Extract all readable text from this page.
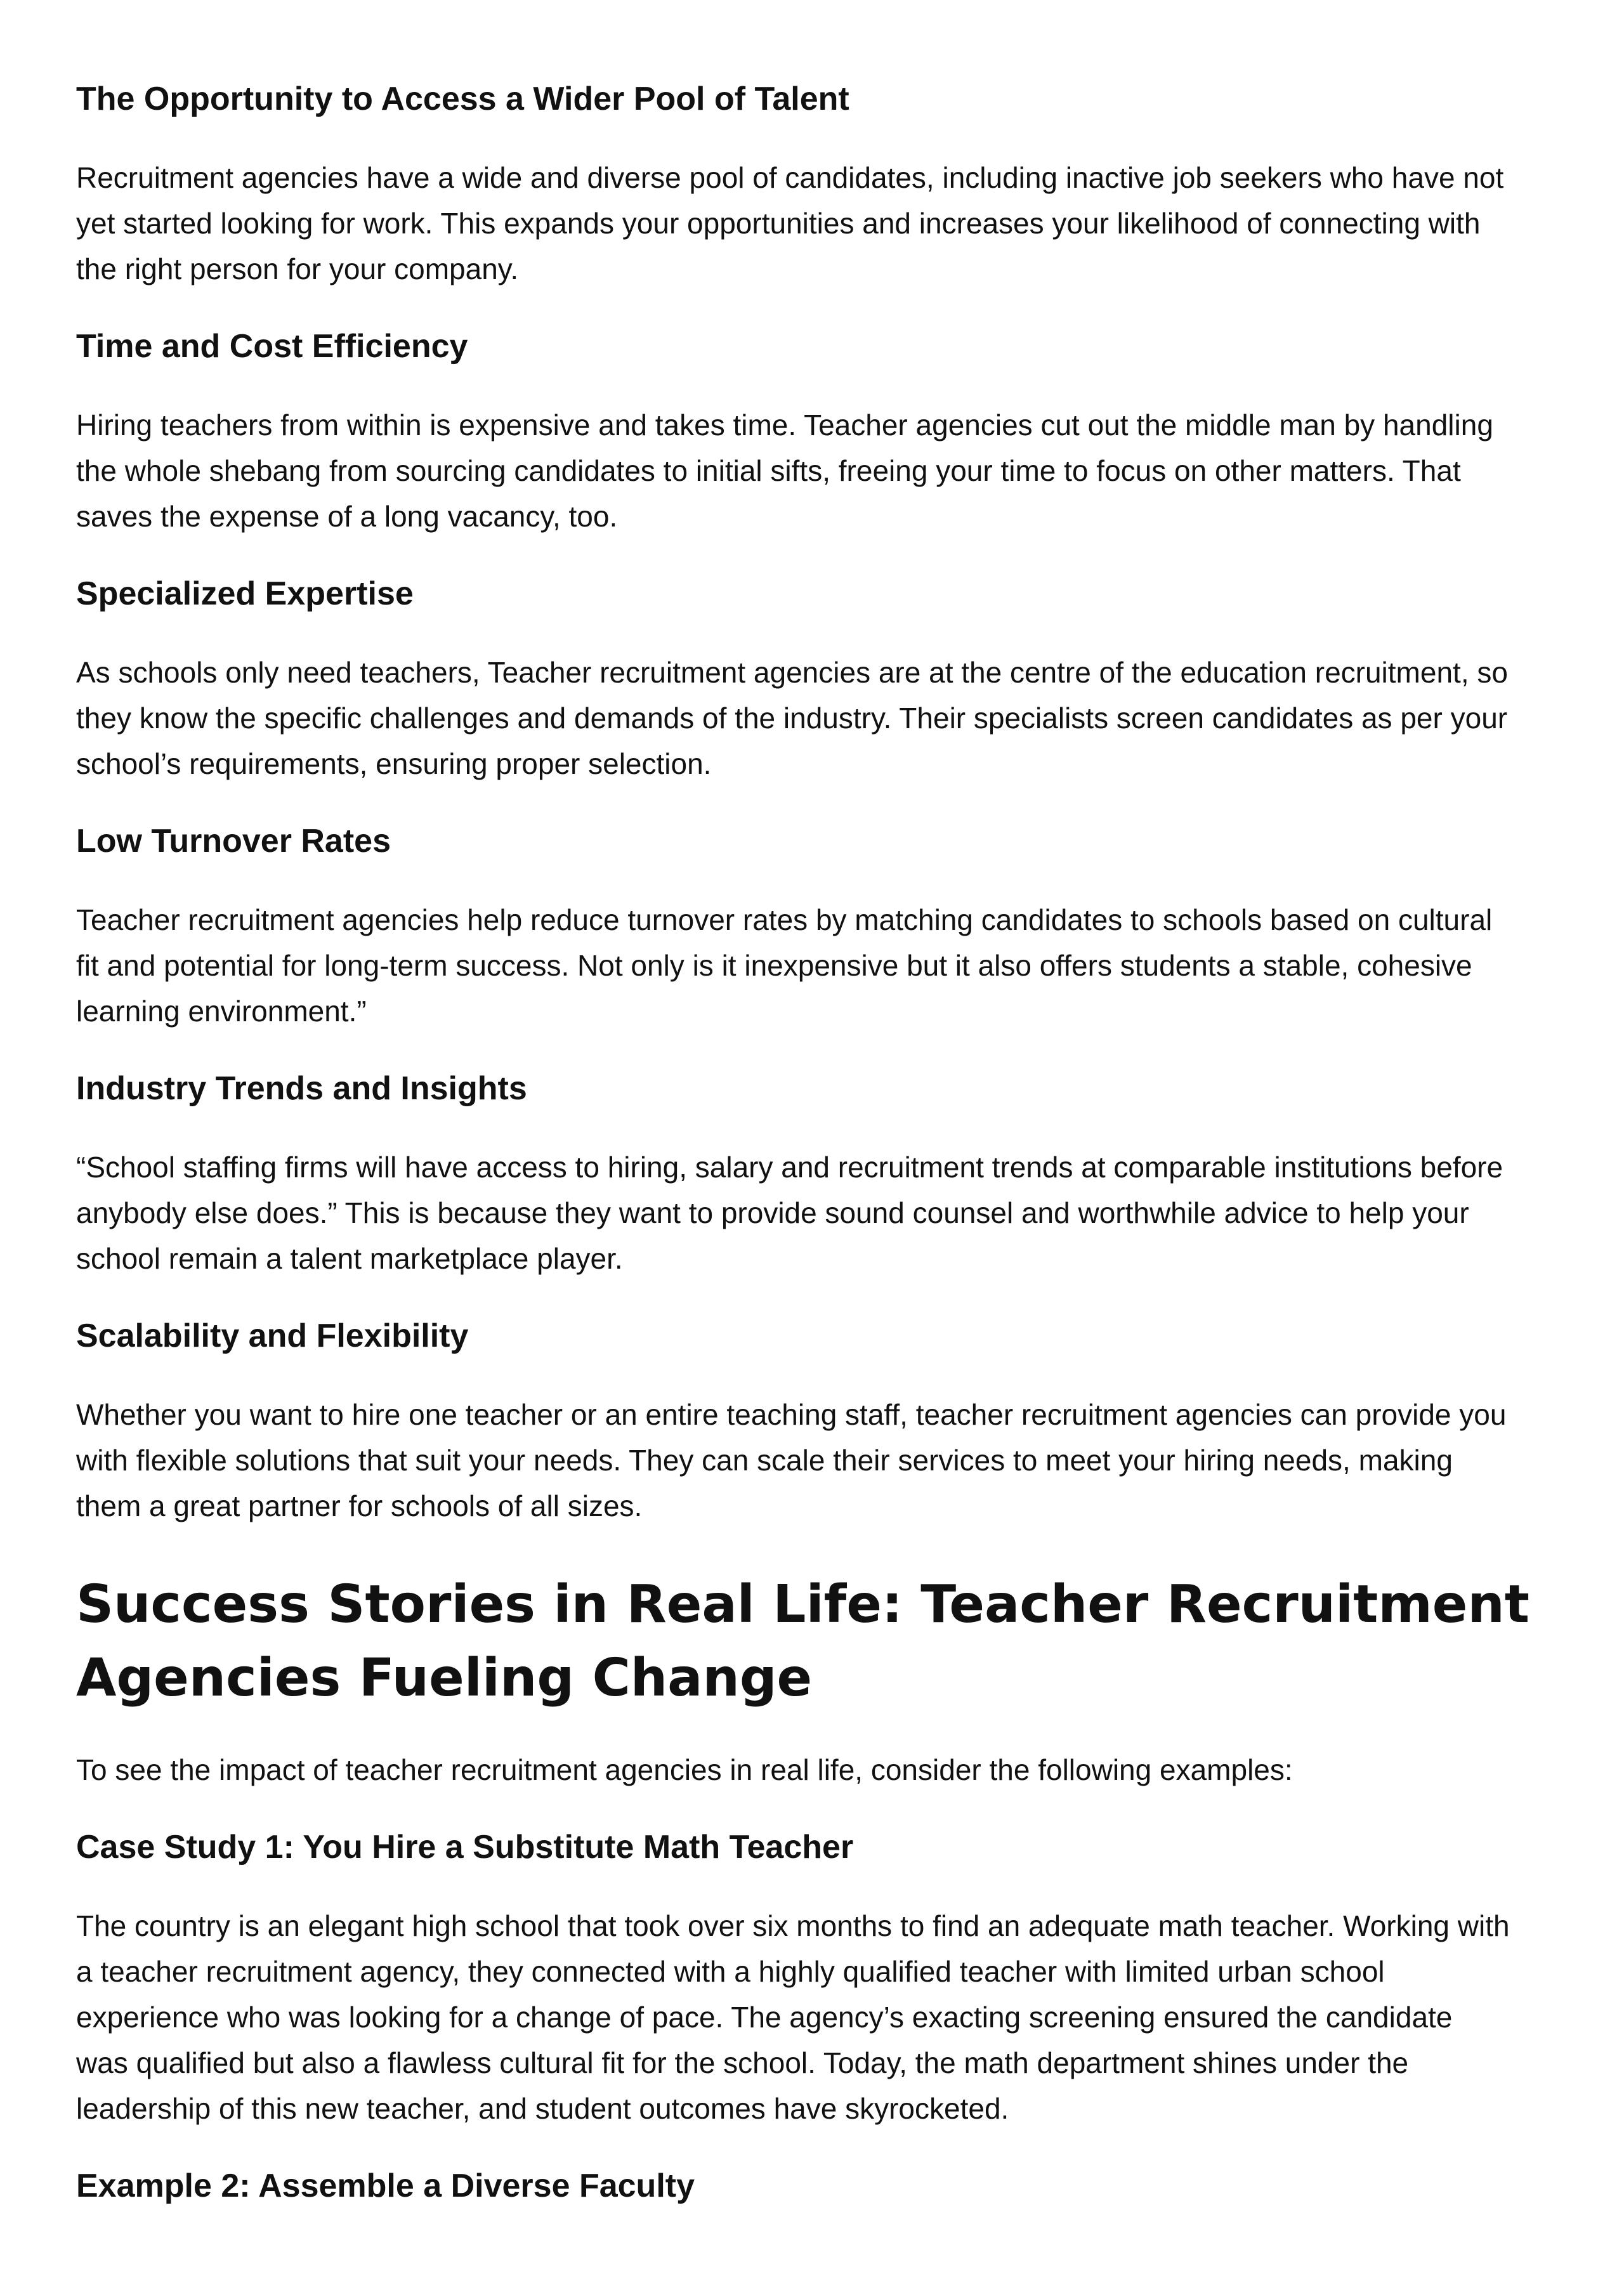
The Opportunity to Access a Wider Pool of Talent

Recruitment agencies have a wide and diverse pool of candidates, including inactive job seekers who have not
yet started looking for work. This expands your opportunities and increases your likelihood of connecting with
the right person for your company.

Time and Cost Efficiency

Hiring teachers from within is expensive and takes time. Teacher agencies cut out the middle man by handling
the whole shebang from sourcing candidates to initial sifts, freeing your time to focus on other matters. That
saves the expense of a long vacancy, too.

Specialized Expertise

As schools only need teachers, Teacher recruitment agencies are at the centre of the education recruitment, so
they know the specific challenges and demands of the industry. Their specialists screen candidates as per your
school’s requirements, ensuring proper selection.

Low Turnover Rates

Teacher recruitment agencies help reduce turnover rates by matching candidates to schools based on cultural
fit and potential for long-term success. Not only is it inexpensive but it also offers students a stable, cohesive
learning environment.”

Industry Trends and Insights

“School staffing firms will have access to hiring, salary and recruitment trends at comparable institutions before
anybody else does.” This is because they want to provide sound counsel and worthwhile advice to help your
school remain a talent marketplace player.

Scalability and Flexibility

Whether you want to hire one teacher or an entire teaching staff, teacher recruitment agencies can provide you
with flexible solutions that suit your needs. They can scale their services to meet your hiring needs, making
them a great partner for schools of all sizes.

Success Stories in Real Life: Teacher Recruitment
Agencies Fueling Change

To see the impact of teacher recruitment agencies in real life, consider the following examples:

Case Study 1: You Hire a Substitute Math Teacher

The country is an elegant high school that took over six months to find an adequate math teacher. Working with
a teacher recruitment agency, they connected with a highly qualified teacher with limited urban school
experience who was looking for a change of pace. The agency’s exacting screening ensured the candidate
was qualified but also a flawless cultural fit for the school. Today, the math department shines under the
leadership of this new teacher, and student outcomes have skyrocketed.

Example 2: Assemble a Diverse Faculty
